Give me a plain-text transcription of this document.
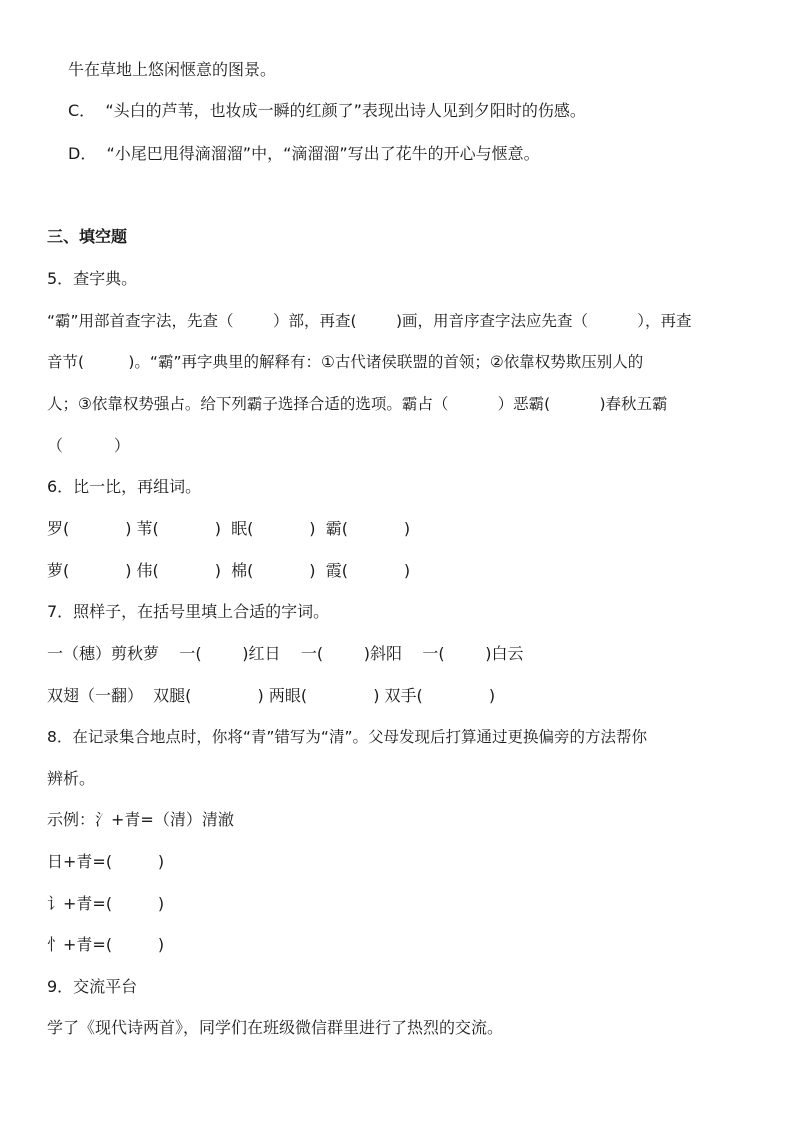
牛在草地上悠闲惬意的图景。
C．  “头白的芦苇，也妆成一瞬的红颜了”表现出诗人见到夕阳时的伤感。
D．  “小尾巴甩得滴溜溜”中，“滴溜溜”写出了花牛的开心与惬意。
三、填空题
5．查字典。
“霸”用部首查字法，先查（        ）部，再查(        )画，用音序查字法应先查（          ），再查
音节(         )。“霸”再字典里的解释有：①古代诸侯联盟的首领；②依靠权势欺压别人的
人；③依靠权势强占。给下列霸子选择合适的选项。霸占（          ）恶霸(          )春秋五霸
（          ）
6．比一比，再组词。
罗(           ) 苇(           )  眠(           )  霸(           )
萝(           ) 伟(           )  棉(           )  霞(           )
7．照样子，在括号里填上合适的字词。
一（穗）剪秋萝    一(        )红日    一(        )斜阳    一(        )白云
双翅（一翻）  双腿(             ) 两眼(             ) 双手(             )
8．在记录集合地点时，你将“青”错写为“清”。父母发现后打算通过更换偏旁的方法帮你
辨析。
示例：氵+青=（清）清澈
日+青=(         )
讠+青=(         )
忄+青=(         )
9．交流平台
学了《现代诗两首》，同学们在班级微信群里进行了热烈的交流。
